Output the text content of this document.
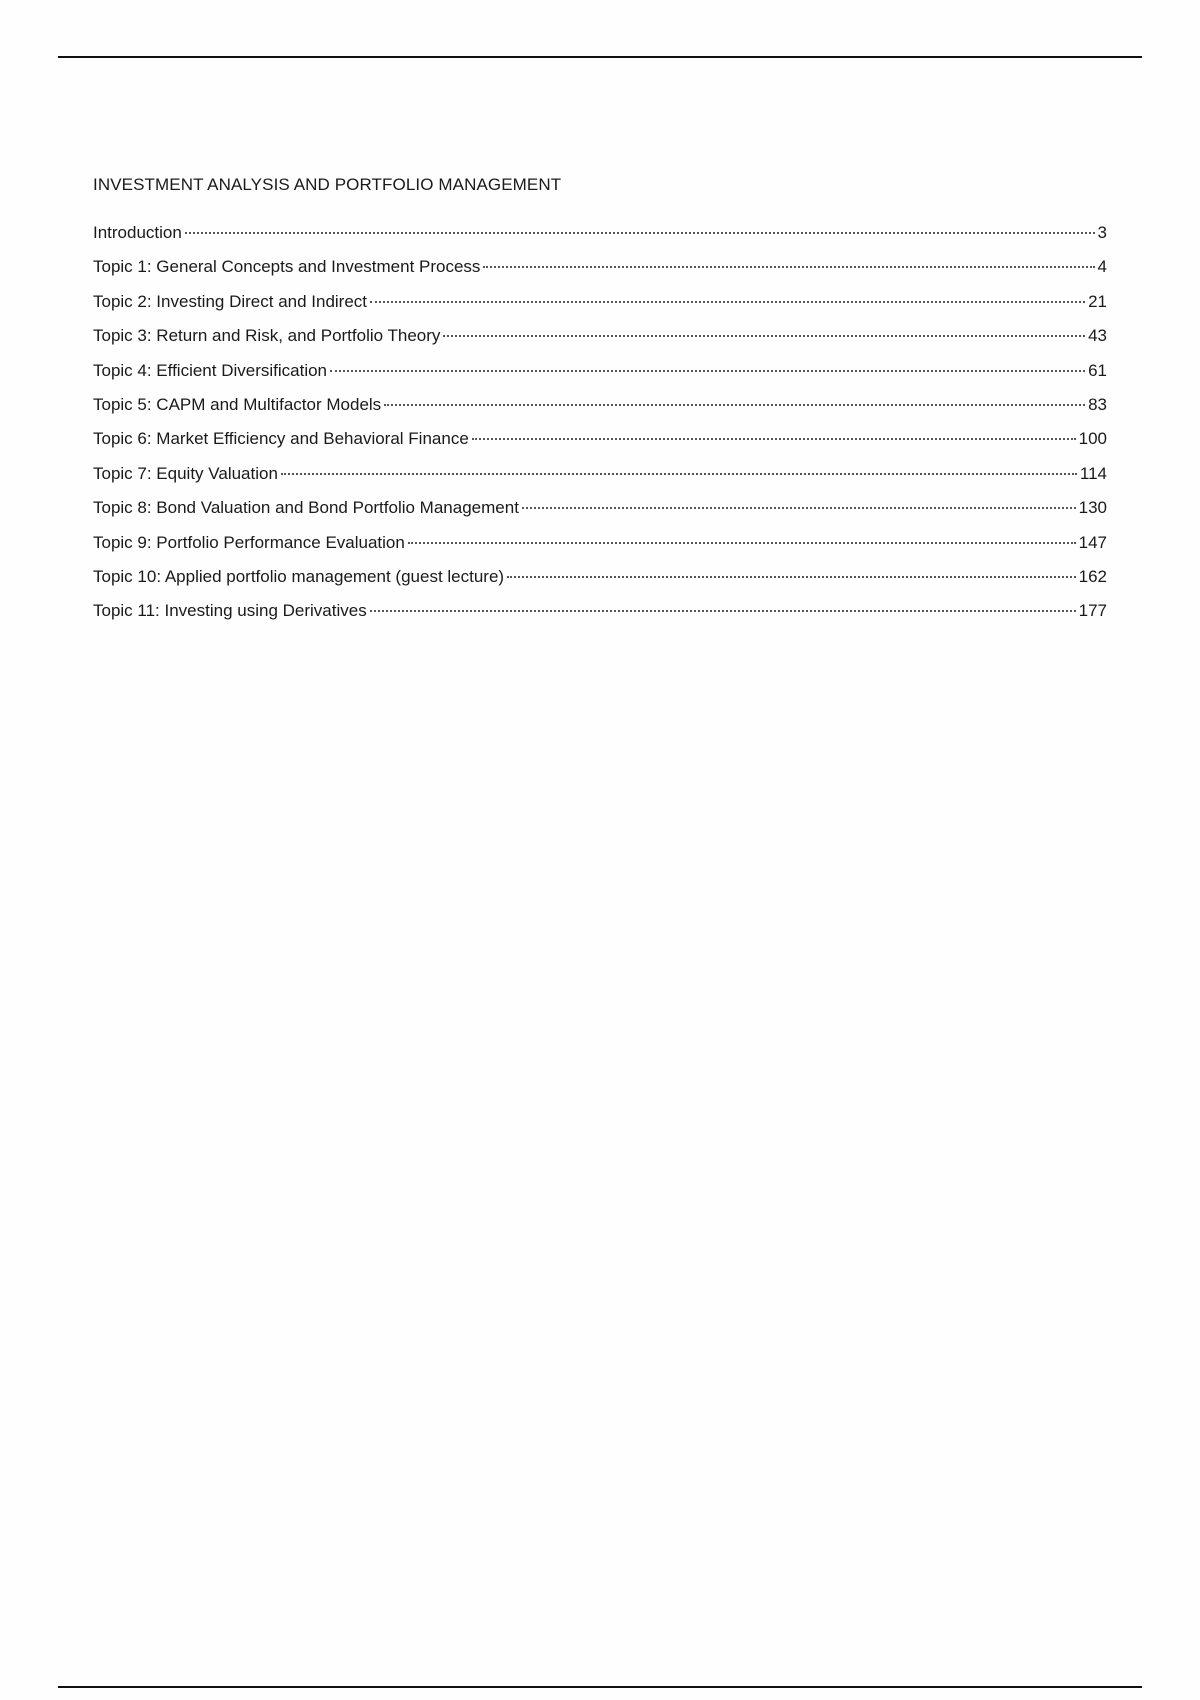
INVESTMENT ANALYSIS AND PORTFOLIO MANAGEMENT
Introduction	3
Topic 1: General Concepts and Investment Process	4
Topic 2: Investing Direct and Indirect	21
Topic 3: Return and Risk, and Portfolio Theory	43
Topic 4: Efficient Diversification	61
Topic 5: CAPM and Multifactor Models	83
Topic 6: Market Efficiency and Behavioral Finance	100
Topic 7: Equity Valuation	114
Topic 8: Bond Valuation and Bond Portfolio Management	130
Topic 9: Portfolio Performance Evaluation	147
Topic 10: Applied portfolio management (guest lecture)	162
Topic 11: Investing using Derivatives	177
